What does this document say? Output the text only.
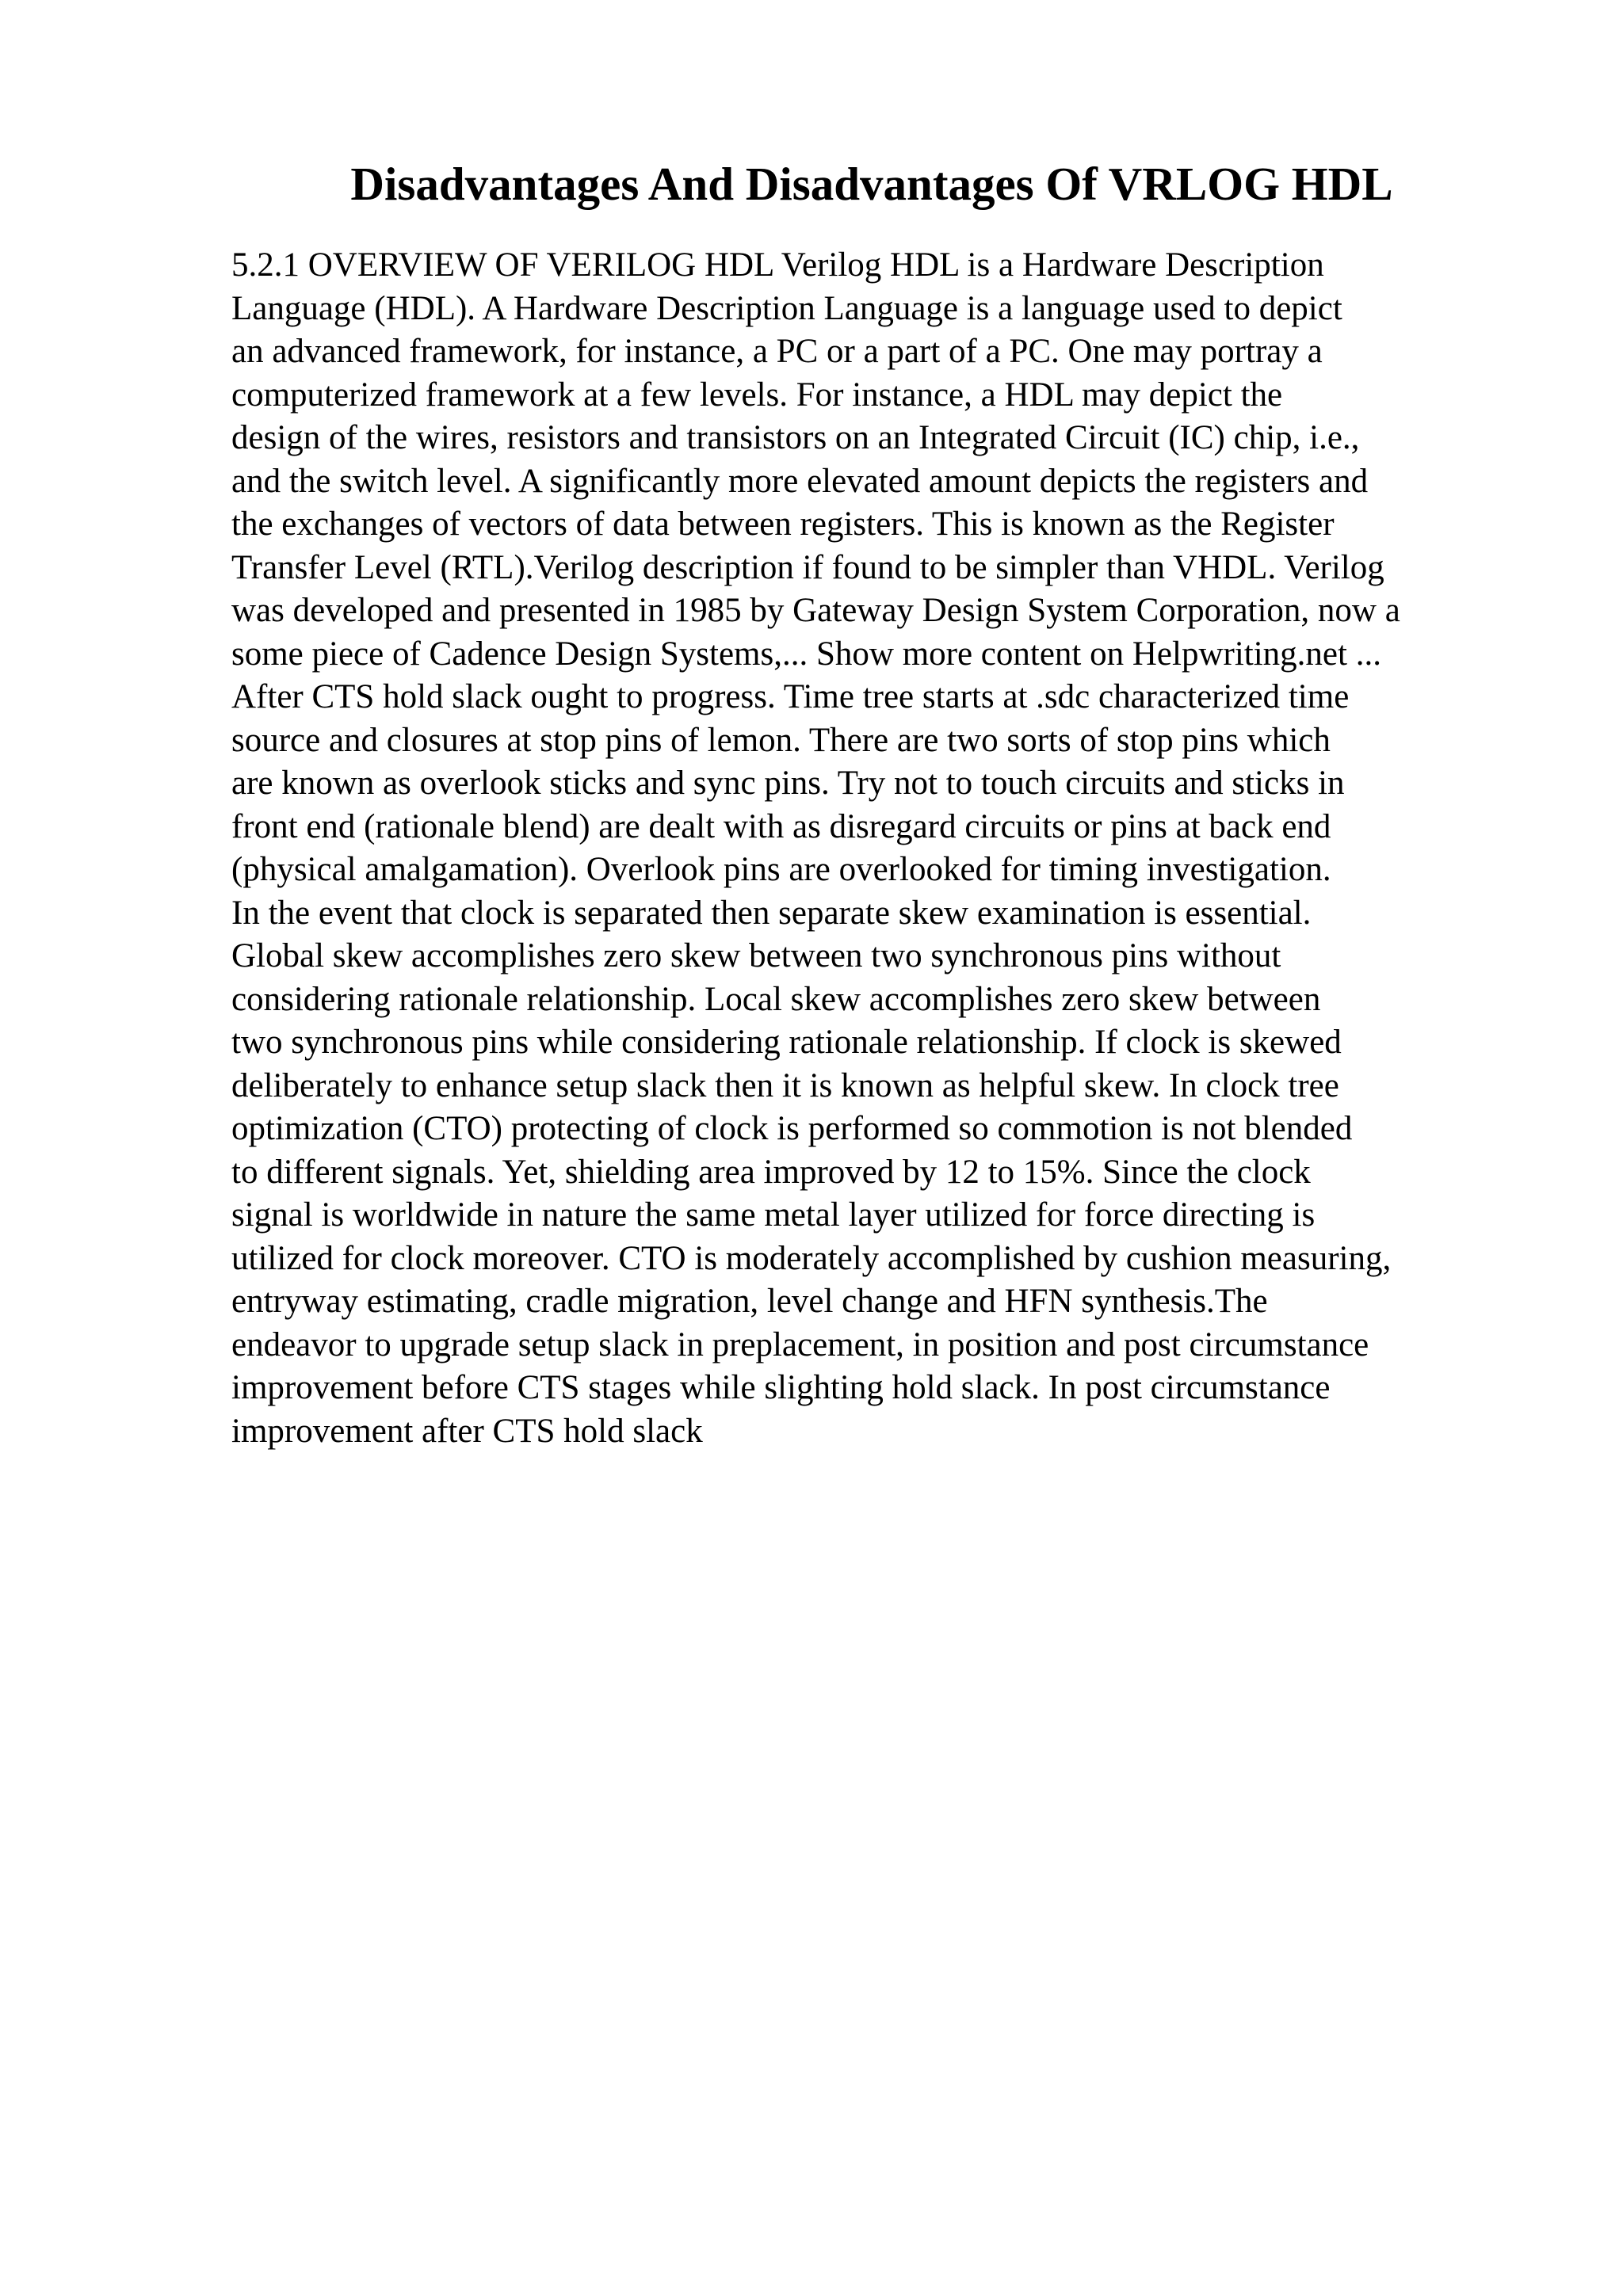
Disadvantages And Disadvantages Of VRLOG HDL
5.2.1 OVERVIEW OF VERILOG HDL Verilog HDL is a Hardware Description
Language (HDL). A Hardware Description Language is a language used to depict
an advanced framework, for instance, a PC or a part of a PC. One may portray a
computerized framework at a few levels. For instance, a HDL may depict the
design of the wires, resistors and transistors on an Integrated Circuit (IC) chip, i.e.,
and the switch level. A significantly more elevated amount depicts the registers and
the exchanges of vectors of data between registers. This is known as the Register
Transfer Level (RTL).Verilog description if found to be simpler than VHDL. Verilog
was developed and presented in 1985 by Gateway Design System Corporation, now a
some piece of Cadence Design Systems,... Show more content on Helpwriting.net ...
After CTS hold slack ought to progress. Time tree starts at .sdc characterized time
source and closures at stop pins of lemon. There are two sorts of stop pins which
are known as overlook sticks and sync pins. Try not to touch circuits and sticks in
front end (rationale blend) are dealt with as disregard circuits or pins at back end
(physical amalgamation). Overlook pins are overlooked for timing investigation.
In the event that clock is separated then separate skew examination is essential.
Global skew accomplishes zero skew between two synchronous pins without
considering rationale relationship. Local skew accomplishes zero skew between
two synchronous pins while considering rationale relationship. If clock is skewed
deliberately to enhance setup slack then it is known as helpful skew. In clock tree
optimization (CTO) protecting of clock is performed so commotion is not blended
to different signals. Yet, shielding area improved by 12 to 15%. Since the clock
signal is worldwide in nature the same metal layer utilized for force directing is
utilized for clock moreover. CTO is moderately accomplished by cushion measuring,
entryway estimating, cradle migration, level change and HFN synthesis.The
endeavor to upgrade setup slack in preplacement, in position and post circumstance
improvement before CTS stages while slighting hold slack. In post circumstance
improvement after CTS hold slack
